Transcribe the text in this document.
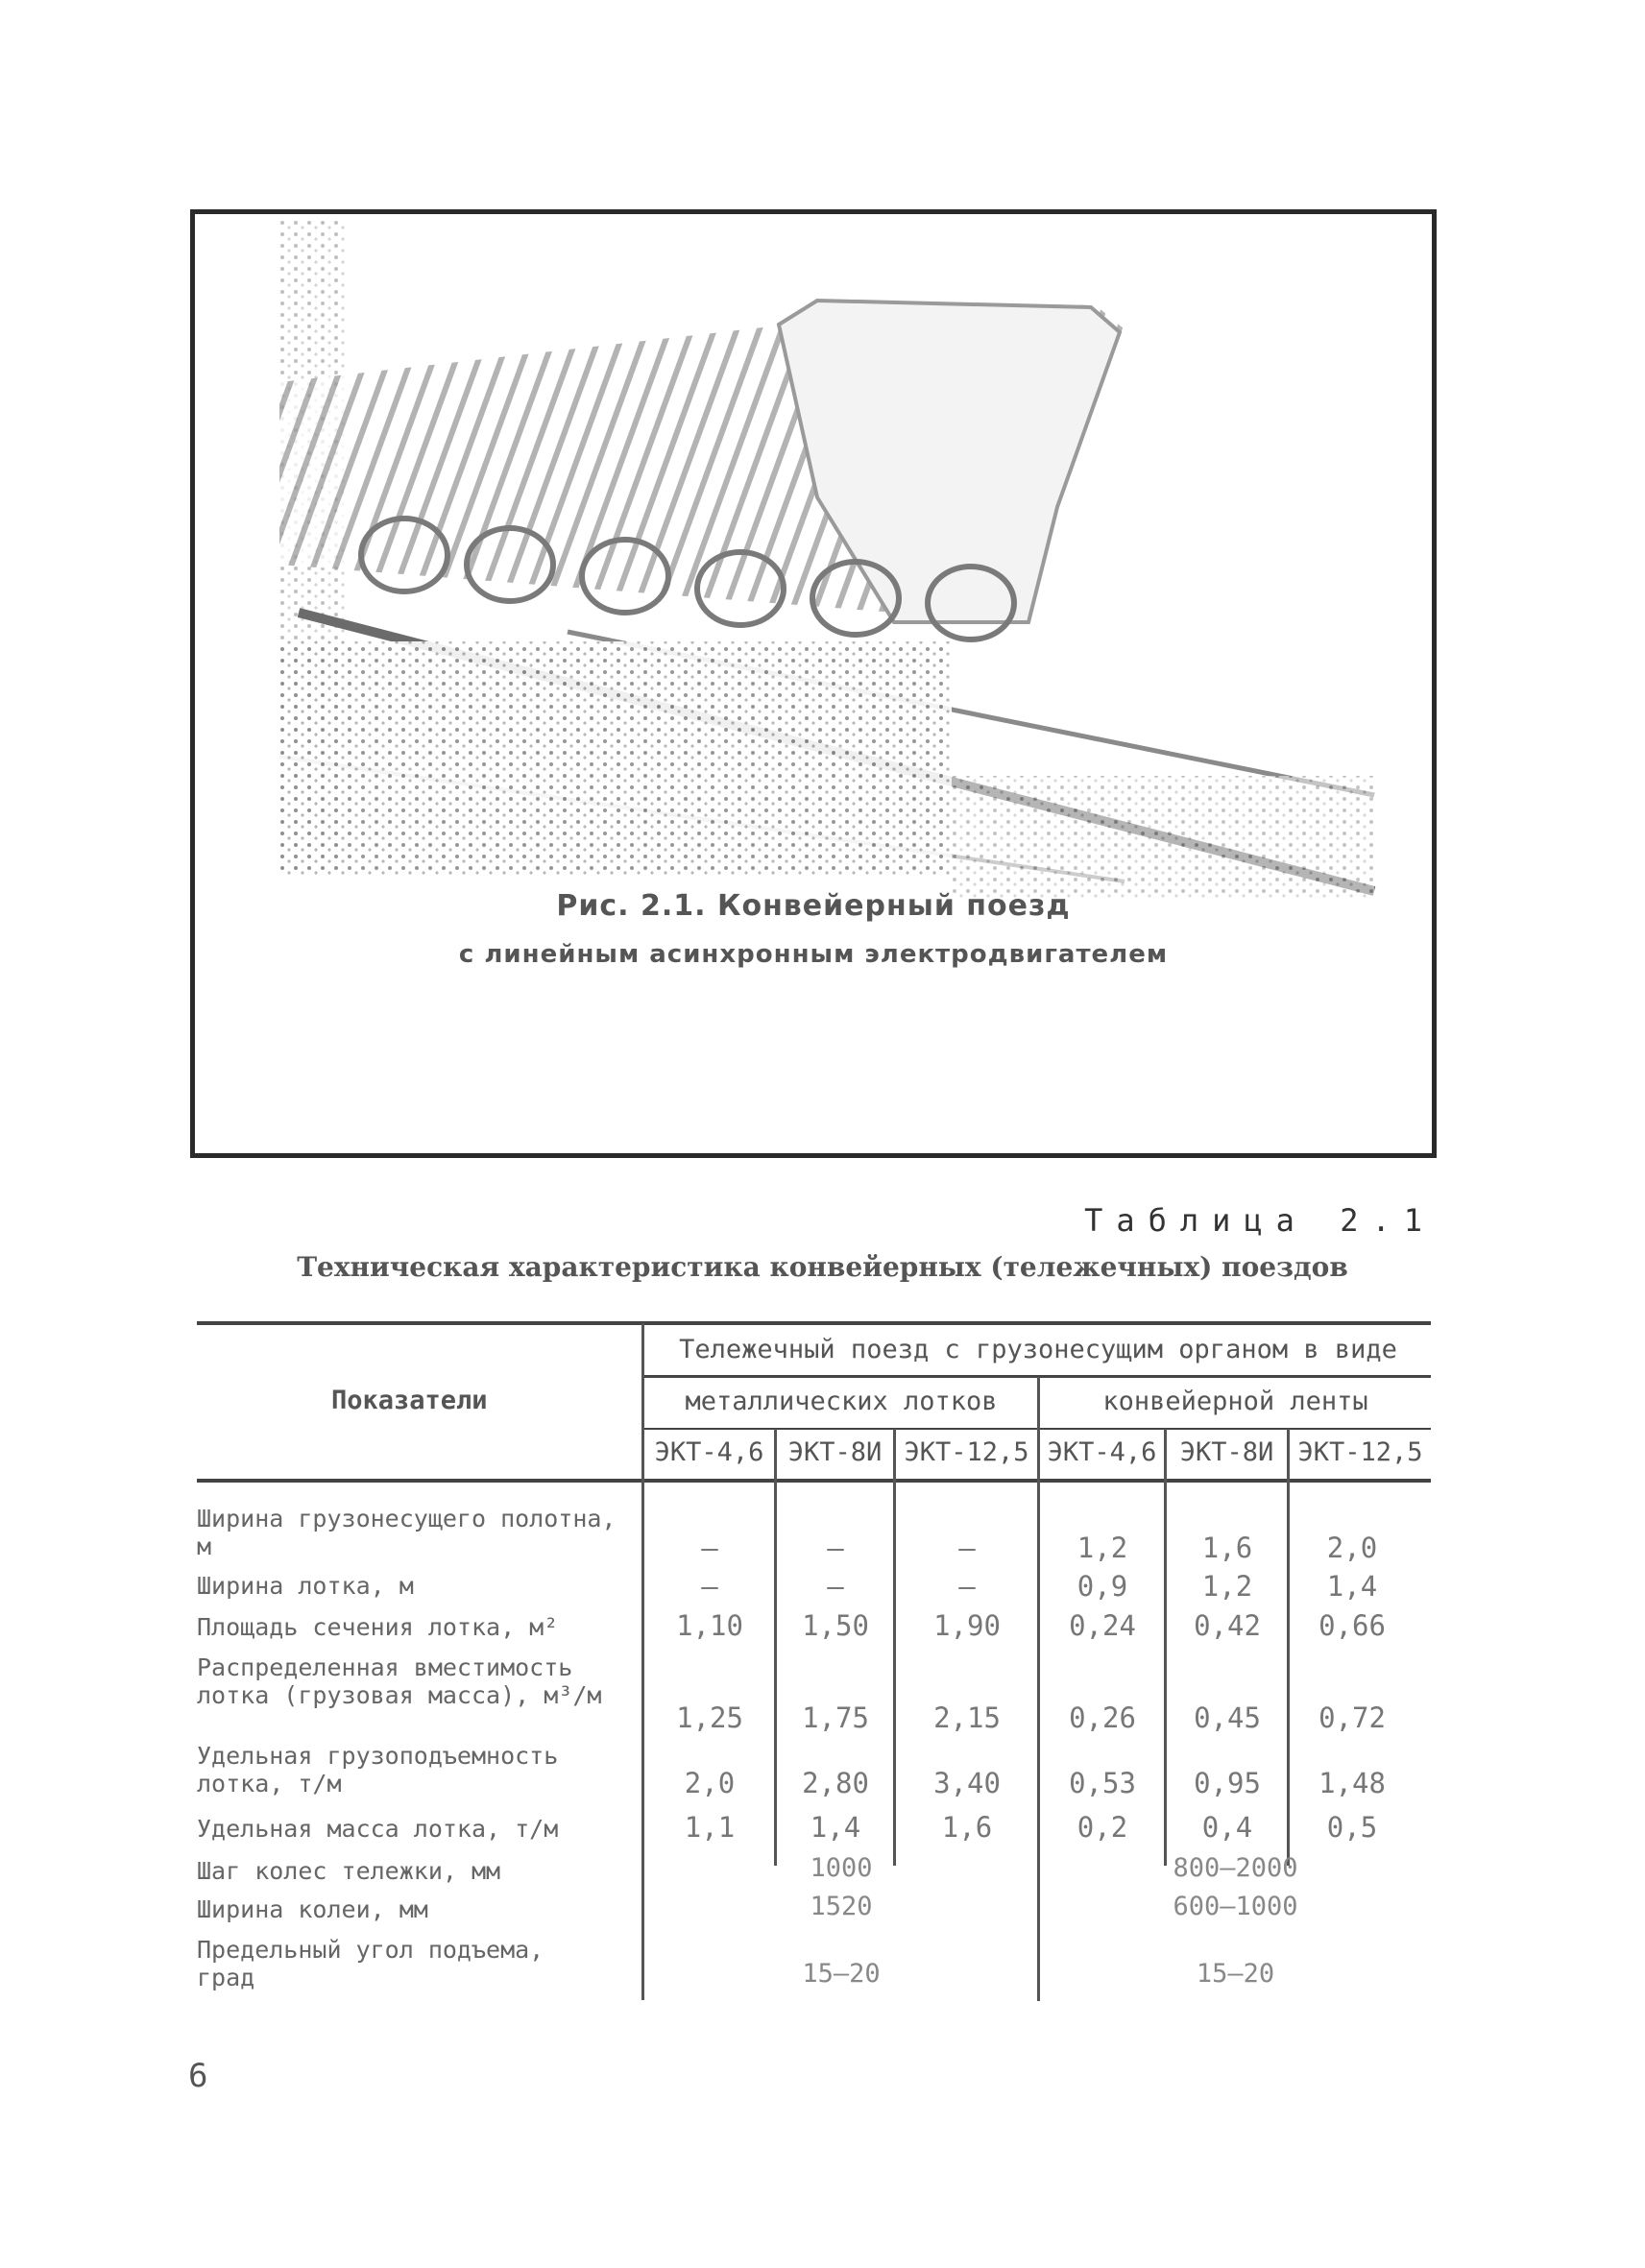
Рис. 2.1. Конвейерный поезд
с линейным асинхронным электродвигателем
Таблица 2.1
Техническая характеристика конвейерных (тележечных) поездов
Показатели
Тележечный поезд с грузонесущим органом в виде
металлических лотков	конвейерной ленты
ЭКТ-4,6 ЭКТ-8И ЭКТ-12,5 ЭКТ-4,6 ЭКТ-8И ЭКТ-12,5
Ширина грузонесущего полотна, м	–	–	–	1,2	1,6	2,0
Ширина лотка, м	–	–	–	0,9	1,2	1,4
Площадь сечения лотка, м²	1,10	1,50	1,90	0,24	0,42	0,66
Распределенная вместимость лотка (грузовая масса), м³/м
1,25	1,75	2,15	0,26	0,45	0,72
Удельная грузоподъемность лотка, т/м	2,0	2,80	3,40	0,53	0,95	1,48
Удельная масса лотка, т/м	1,1	1,4	1,6	0,2	0,4	0,5
Шаг колес тележки, мм	1000	800–2000
Ширина колеи, мм	1520	600–1000
Предельный угол подъема, град	15–20	15–20
6
